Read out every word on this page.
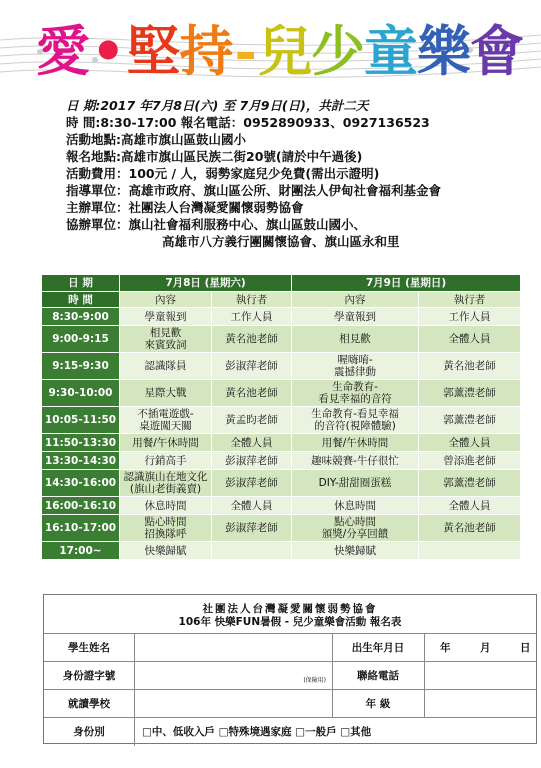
愛•堅持-兒少童樂會
日 期: 2017 年7月8日(六) 至 7月9日(日)，共計二天
時 間: 8:30-17:00 報名電話：0952890933、0927136523
活動地點: 高雄市旗山區鼓山國小
報名地點: 高雄市旗山區民族二街20號(請於中午過後)
活動費用： 100元 / 人，弱勢家庭兒少免費(需出示證明)
指導單位： 高雄市政府、旗山區公所、財團法人伊甸社會福利基金會
主辦單位： 社團法人台灣凝愛關懷弱勢協會
協辦單位： 旗山社會福利服務中心、旗山區鼓山國小、
高雄市八方義行團關懷協會、旗山區永和里
日 期	7月8日 (星期六)		7月9日 (星期日)	
時 間	內容	執行者	內容	執行者
8:30-9:00	學童報到	工作人員	學童報到	工作人員
9:00-9:15	相見歡
來賓致詞	黃名池老師	相見歡	全體人員
9:15-9:30	認識隊員	彭淑萍老師	喔嗨唷-
震撼律動	黃名池老師
9:30-10:00	星際大戰	黃名池老師	生命教育-
看見幸福的音符	郭薰澧老師
10:05-11:50	不插電遊戲-
桌遊闖天關	黃孟昀老師	生命教育-看見幸福
的音符(視障體驗)	郭薰澧老師
11:50-13:30	用餐/午休時間	全體人員	用餐/午休時間	全體人員
13:30-14:30	行銷高手	彭淑萍老師	趣味競賽-牛仔很忙	曾添進老師
14:30-16:00	認識旗山在地文化
(旗山老街義賣)	彭淑萍老師	DIY-甜甜圈蛋糕	郭薰澧老師
16:00-16:10	休息時間	全體人員	休息時間	全體人員
16:10-17:00	點心時間
招換隊呼	彭淑萍老師	點心時間
頒獎/分享回饋	黃名池老師
17:00~	快樂歸賦		快樂歸賦	
社團法人台灣凝愛關懷弱勢協會
106年 快樂FUN暑假 - 兒少童樂會活動 報名表
學生姓名	出生年月日	年	月	日
身份證字號	(保險用)	聯絡電話
就讀學校	年 級
身份別	□中、低收入戶 □特殊境遇家庭 □一般戶 □其他
